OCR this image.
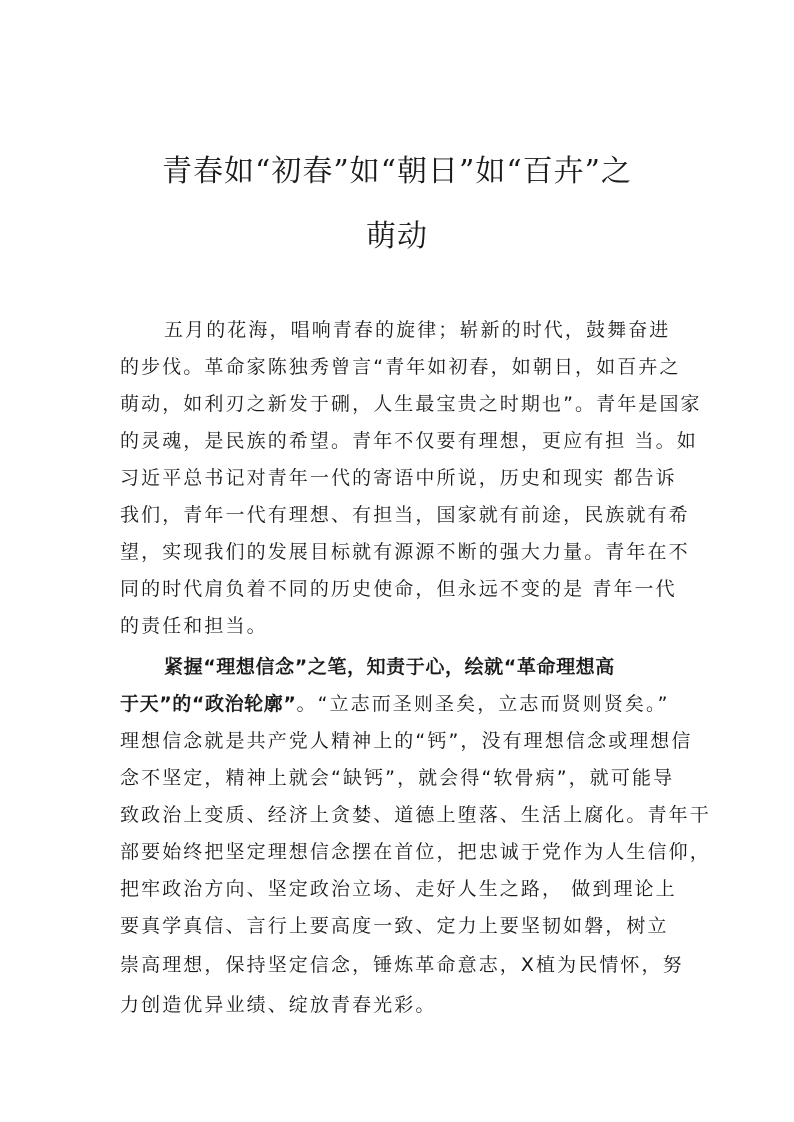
青春如“初春”如“朝日”如“百卉”之
萌动
五月的花海，唱响青春的旋律；崭新的时代，鼓舞奋进
的步伐。革命家陈独秀曾言“青年如初春，如朝日，如百卉之
萌动，如利刃之新发于硎，人生最宝贵之时期也”。青年是国家
的灵魂，是民族的希望。青年不仅要有理想，更应有担 当。如
习近平总书记对青年一代的寄语中所说，历史和现实 都告诉
我们，青年一代有理想、有担当，国家就有前途，民族就有希
望，实现我们的发展目标就有源源不断的强大力量。青年在不
同的时代肩负着不同的历史使命，但永远不变的是 青年一代
的责任和担当。
紧握“理想信念”之笔，知责于心，绘就“革命理想高
于天”的“政治轮廓”。“立志而圣则圣矣，立志而贤则贤矣。”
理想信念就是共产党人精神上的“钙”，没有理想信念或理想信
念不坚定，精神上就会“缺钙”，就会得“软骨病”，就可能导
致政治上变质、经济上贪婪、道德上堕落、生活上腐化。青年干
部要始终把坚定理想信念摆在首位，把忠诚于党作为人生信仰，
把牢政治方向、坚定政治立场、走好人生之路， 做到理论上
要真学真信、言行上要高度一致、定力上要坚韧如磐，树立
崇高理想，保持坚定信念，锤炼革命意志，X植为民情怀，努
力创造优异业绩、绽放青春光彩。
